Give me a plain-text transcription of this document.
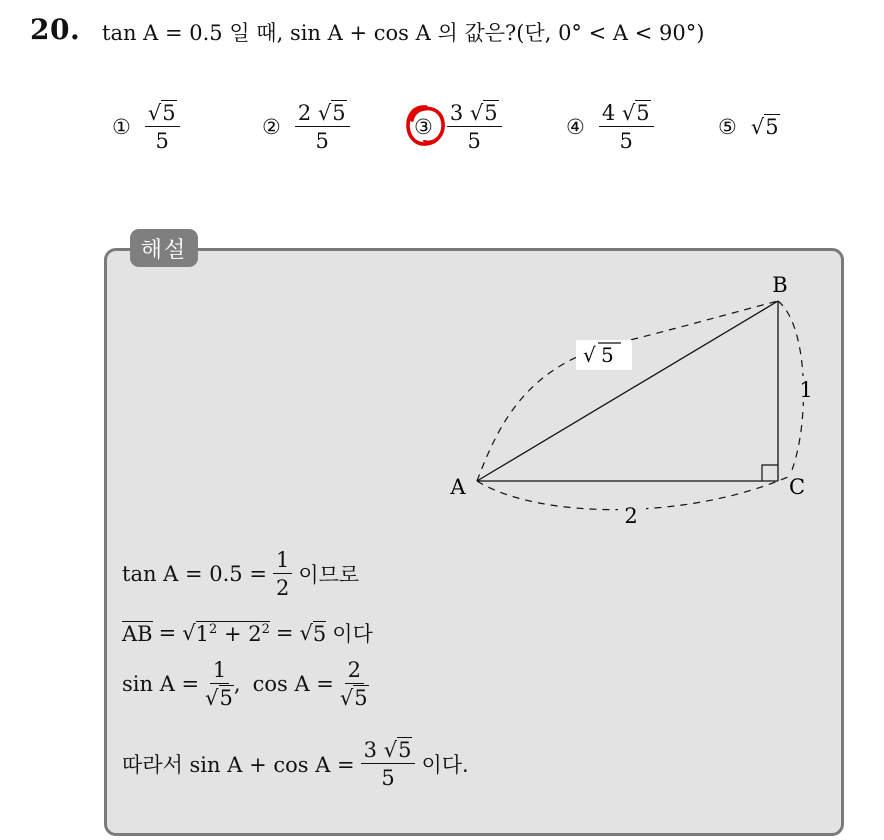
20. tan A = 0.5 일 때, sin A + cos A 의 값은?(단, 0° < A < 90°)
① $\frac{√5}{5}$	② $\frac{2 √5}{5}$	③ $\frac{3 √5}{5}$	④ $\frac{4 √5}{5}$	⑤ √5
해설
B
A	C
1
2
√ 5
$\tan A = 0.5 = \frac{1}{2}$ 이므로
AB = √ $1^2 + 2^2$ = √ 5 이다
$\sin A = \frac{1}{√5}$ , $\cos A = \frac{2}{√5}$
따라서 $\sin A + \cos A = \frac{3 √5}{5}$ 이다.
